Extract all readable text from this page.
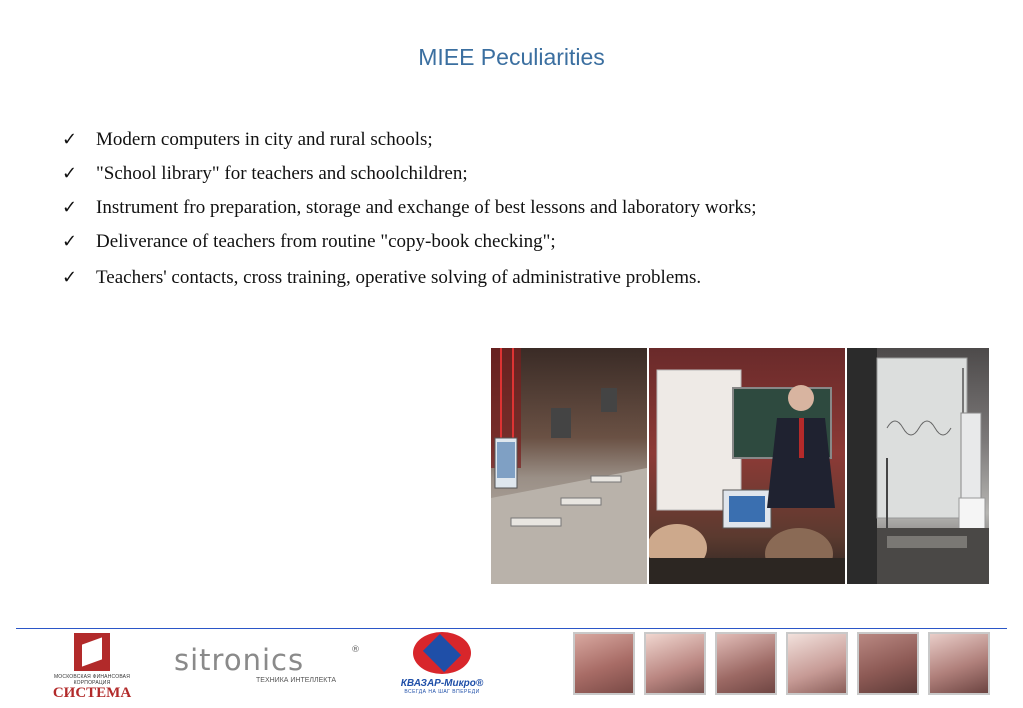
MIEE Peculiarities
✓ Modern computers in city and rural schools;
✓ "School library" for teachers and schoolchildren;
✓ Instrument fro preparation, storage and exchange of best lessons and laboratory works;
✓ Deliverance of teachers from routine "copy-book checking";
✓ Teachers' contacts, cross training, operative solving of administrative problems.
МОСКОВСКАЯ ФИНАНСОВАЯ КОРПОРАЦИЯ
СИСТЕМА
sitronics	®
ТЕХНИКА ИНТЕЛЛЕКТА	КВАЗАР-Микро®
ВСЕГДА НА ШАГ ВПЕРЕДИ
